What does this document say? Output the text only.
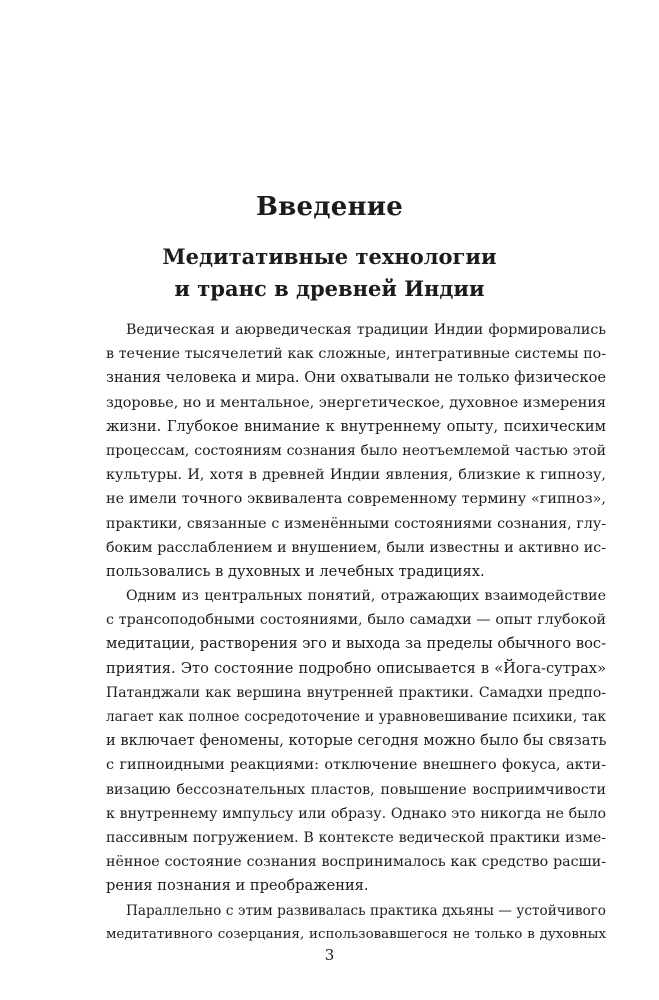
Введение
Медитативные технологии
и транс в древней Индии
Ведическая и аюрведическая традиции Индии формировались
в течение тысячелетий как сложные, интегративные системы по-
знания человека и мира. Они охватывали не только физическое
здоровье, но и ментальное, энергетическое, духовное измерения
жизни. Глубокое внимание к внутреннему опыту, психическим
процессам, состояниям сознания было неотъемлемой частью этой
культуры. И, хотя в древней Индии явления, близкие к гипнозу,
не имели точного эквивалента современному термину «гипноз»,
практики, связанные с изменёнными состояниями сознания, глу-
боким расслаблением и внушением, были известны и активно ис-
пользовались в духовных и лечебных традициях.
Одним из центральных понятий, отражающих взаимодействие
с трансоподобными состояниями, было самадхи — опыт глубокой
медитации, растворения эго и выхода за пределы обычного вос-
приятия. Это состояние подробно описывается в «Йога-сутрах»
Патанджали как вершина внутренней практики. Самадхи предпо-
лагает как полное сосредоточение и уравновешивание психики, так
и включает феномены, которые сегодня можно было бы связать
с гипноидными реакциями: отключение внешнего фокуса, акти-
визацию бессознательных пластов, повышение восприимчивости
к внутреннему импульсу или образу. Однако это никогда не было
пассивным погружением. В контексте ведической практики изме-
нённое состояние сознания воспринималось как средство расши-
рения познания и преображения.
Параллельно с этим развивалась практика дхьяны — устойчивого
медитативного созерцания, использовавшегося не только в духовных
3
